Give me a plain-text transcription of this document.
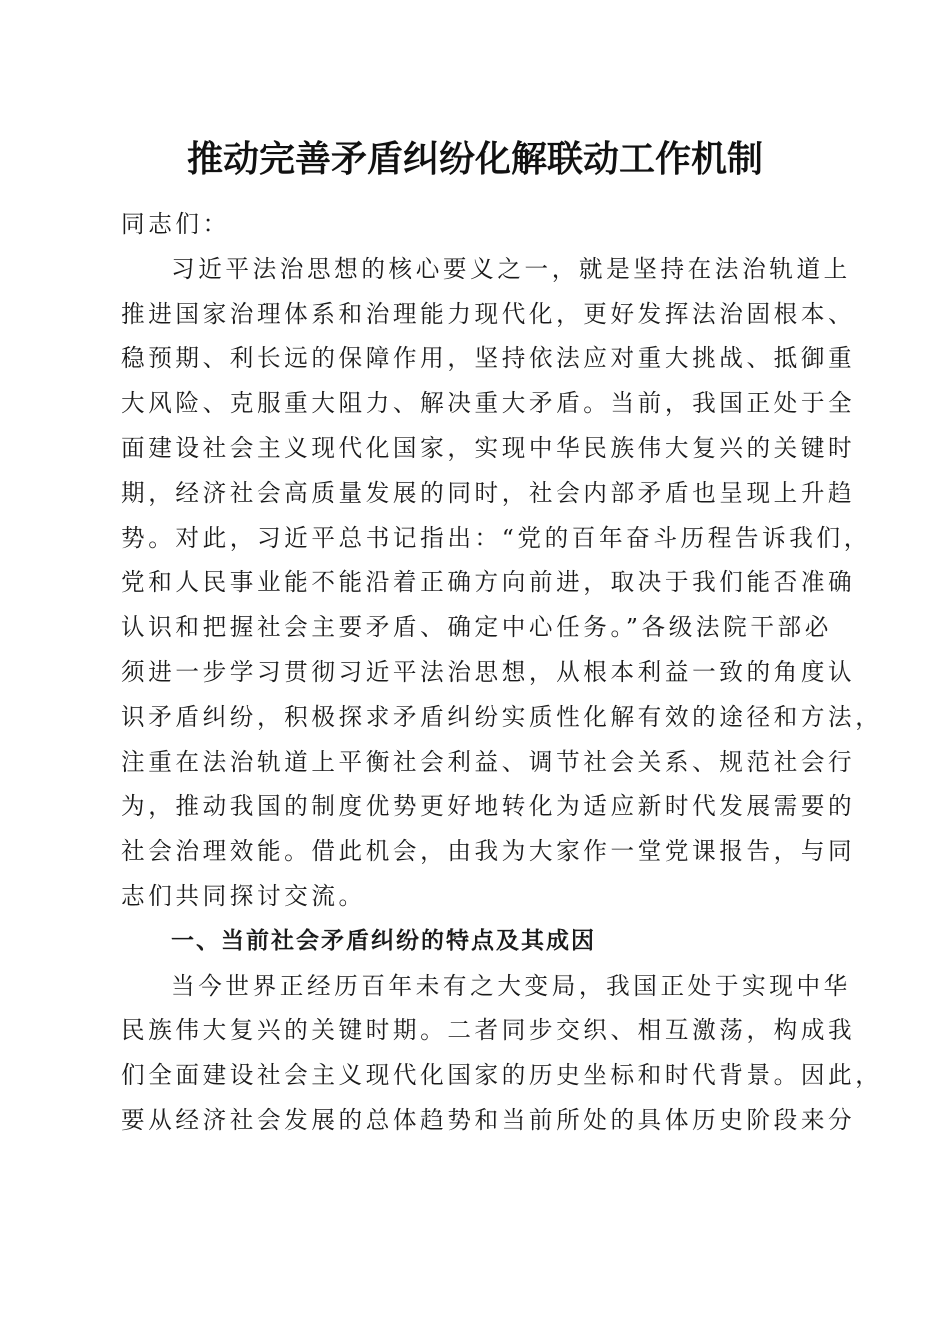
推动完善矛盾纠纷化解联动工作机制
同志们：
习近平法治思想的核心要义之一，就是坚持在法治轨道上
推进国家治理体系和治理能力现代化，更好发挥法治固根本、
稳预期、利长远的保障作用，坚持依法应对重大挑战、抵御重
大风险、克服重大阻力、解决重大矛盾。当前，我国正处于全
面建设社会主义现代化国家，实现中华民族伟大复兴的关键时
期，经济社会高质量发展的同时，社会内部矛盾也呈现上升趋
势。对此，习近平总书记指出：“党的百年奋斗历程告诉我们，
党和人民事业能不能沿着正确方向前进，取决于我们能否准确
认识和把握社会主要矛盾、确定中心任务。”各级法院干部必
须进一步学习贯彻习近平法治思想，从根本利益一致的角度认
识矛盾纠纷，积极探求矛盾纠纷实质性化解有效的途径和方法，
注重在法治轨道上平衡社会利益、调节社会关系、规范社会行
为，推动我国的制度优势更好地转化为适应新时代发展需要的
社会治理效能。借此机会，由我为大家作一堂党课报告，与同
志们共同探讨交流。
一、当前社会矛盾纠纷的特点及其成因
当今世界正经历百年未有之大变局，我国正处于实现中华
民族伟大复兴的关键时期。二者同步交织、相互激荡，构成我
们全面建设社会主义现代化国家的历史坐标和时代背景。因此，
要从经济社会发展的总体趋势和当前所处的具体历史阶段来分
